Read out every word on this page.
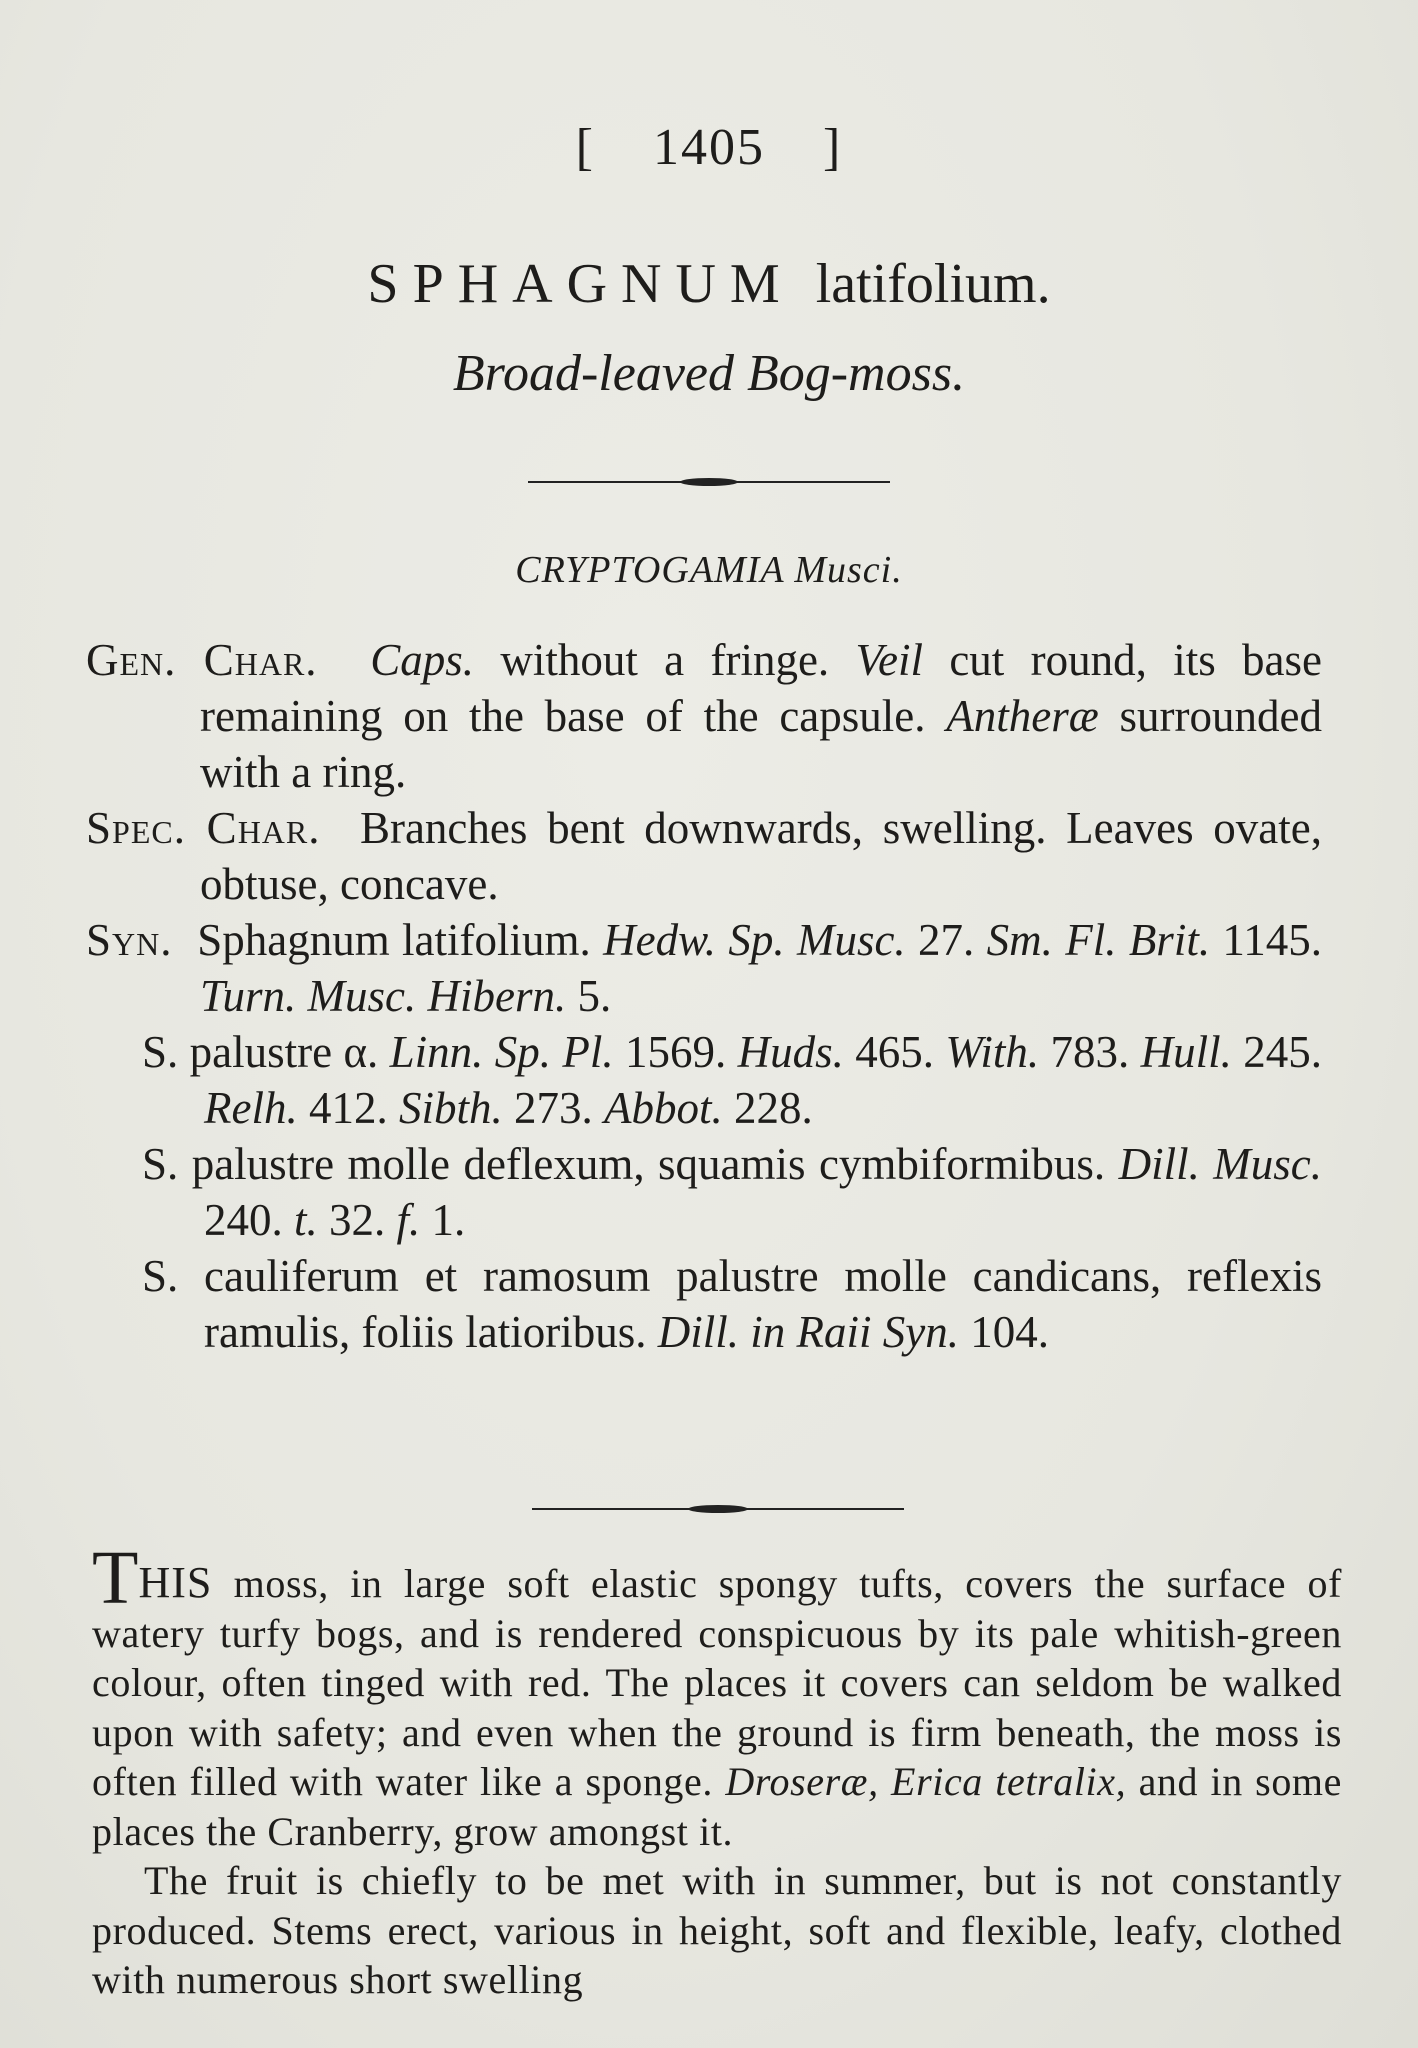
[ 1405 ]
SPHAGNUM latifolium.
Broad-leaved Bog-moss.
CRYPTOGAMIA Musci.
Gen. Char. Caps. without a fringe. Veil cut round, its base remaining on the base of the capsule. Antheræ surrounded with a ring.
Spec. Char. Branches bent downwards, swelling. Leaves ovate, obtuse, concave.
Syn. Sphagnum latifolium. Hedw. Sp. Musc. 27. Sm. Fl. Brit. 1145. Turn. Musc. Hibern. 5.
S. palustre α. Linn. Sp. Pl. 1569. Huds. 465. With. 783. Hull. 245. Relh. 412. Sibth. 273. Abbot. 228.
S. palustre molle deflexum, squamis cymbiformibus. Dill. Musc. 240. t. 32. f. 1.
S. cauliferum et ramosum palustre molle candicans, reflexis ramulis, foliis latioribus. Dill. in Raii Syn. 104.

THIS moss, in large soft elastic spongy tufts, covers the surface of watery turfy bogs, and is rendered conspicuous by its pale whitish-green colour, often tinged with red. The places it covers can seldom be walked upon with safety; and even when the ground is firm beneath, the moss is often filled with water like a sponge. Droseræ, Erica tetralix, and in some places the Cranberry, grow amongst it.

The fruit is chiefly to be met with in summer, but is not constantly produced. Stems erect, various in height, soft and flexible, leafy, clothed with numerous short swelling
